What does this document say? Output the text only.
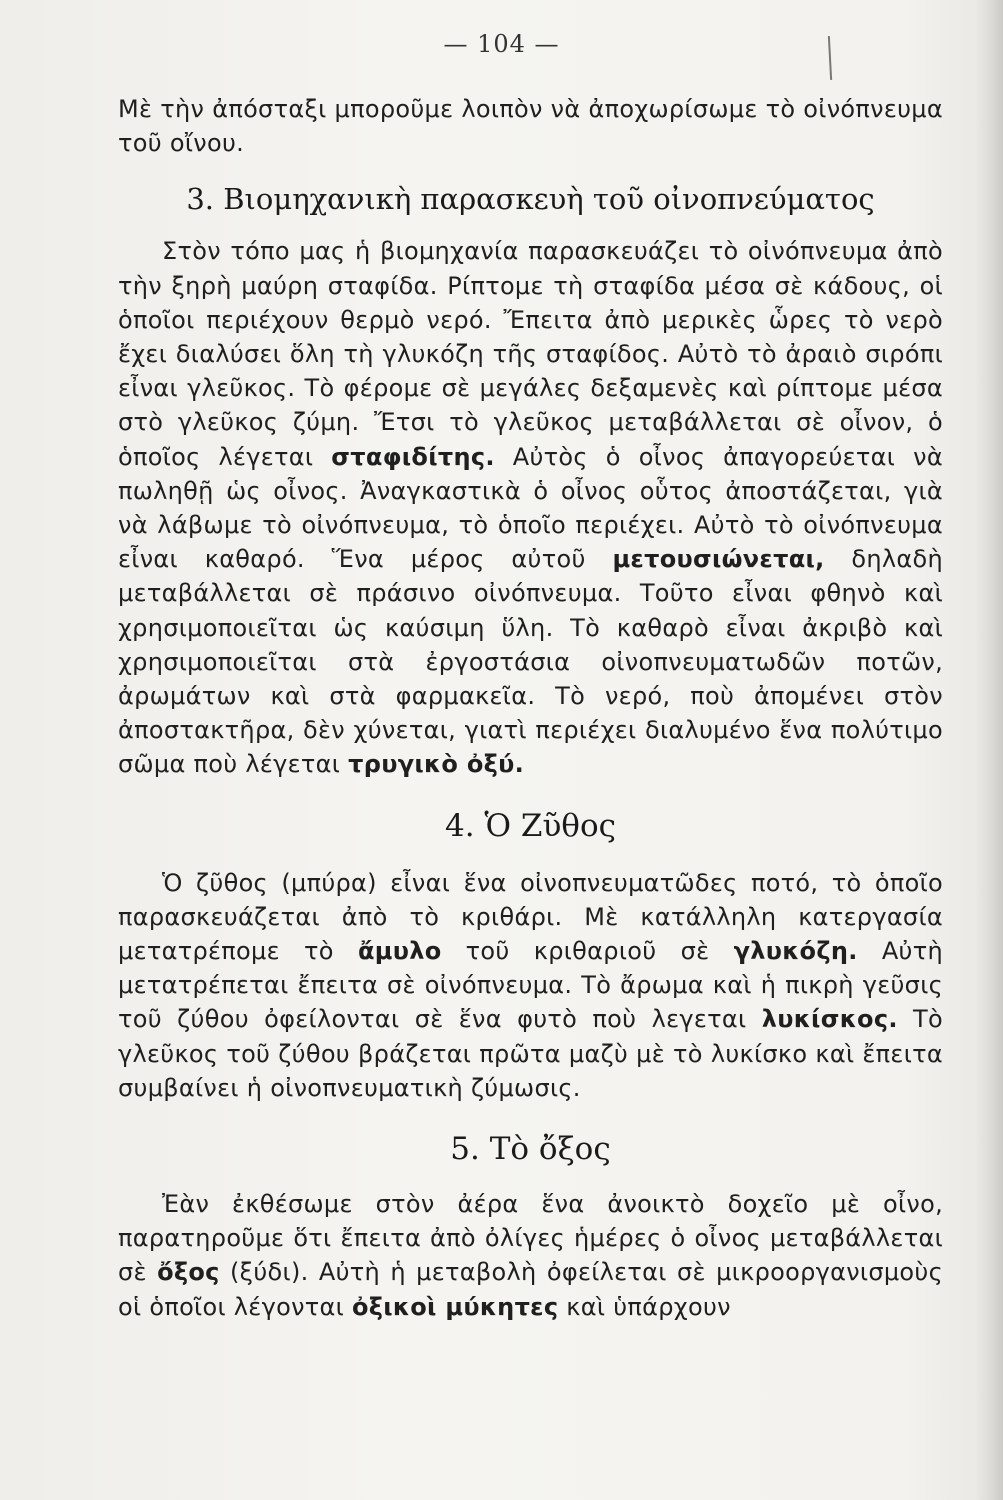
— 104 —

Μὲ τὴν ἀπόσταξι μποροῦμε λοιπὸν νὰ ἀποχωρίσωμε τὸ οἰνόπνευμα τοῦ οἴνου.

3. Βιομηχανικὴ παρασκευὴ τοῦ οἰνοπνεύματος

Στὸν τόπο μας ἡ βιομηχανία παρασκευάζει τὸ οἰνόπνευμα ἀπὸ τὴν ξηρὴ μαύρη σταφίδα. Ρίπτομε τὴ σταφίδα μέσα σὲ κάδους, οἱ ὁποῖοι περιέχουν θερμὸ νερό. Ἔπειτα ἀπὸ μερικὲς ὧρες τὸ νερὸ ἔχει διαλύσει ὅλη τὴ γλυκόζη τῆς σταφίδος. Αὐτὸ τὸ ἀραιὸ σιρόπι εἶναι γλεῦκος. Τὸ φέρομε σὲ μεγάλες δεξαμενὲς καὶ ρίπτομε μέσα στὸ γλεῦκος ζύμη. Ἔτσι τὸ γλεῦκος μεταβάλλεται σὲ οἶνον, ὁ ὁποῖος λέγεται σταφιδίτης. Αὐτὸς ὁ οἶνος ἀπαγορεύεται νὰ πωληθῇ ὡς οἶνος. Ἀναγκαστικὰ ὁ οἶνος οὗτος ἀποστάζεται, γιὰ νὰ λάβωμε τὸ οἰνόπνευμα, τὸ ὁποῖο περιέχει. Αὐτὸ τὸ οἰνόπνευμα εἶναι καθαρό. Ἕνα μέρος αὐτοῦ μετουσιώνεται, δηλαδὴ μεταβάλλεται σὲ πράσινο οἰνόπνευμα. Τοῦτο εἶναι φθηνὸ καὶ χρησιμοποιεῖται ὡς καύσιμη ὕλη. Τὸ καθαρὸ εἶναι ἀκριβὸ καὶ χρησιμοποιεῖται στὰ ἐργοστάσια οἰνοπνευματωδῶν ποτῶν, ἀρωμάτων καὶ στὰ φαρμακεῖα. Τὸ νερό, ποὺ ἀπομένει στὸν ἀποστακτῆρα, δὲν χύνεται, γιατὶ περιέχει διαλυμένο ἕνα πολύτιμο σῶμα ποὺ λέγεται τρυγικὸ ὀξύ.

4. Ὁ Ζῦθος

Ὁ ζῦθος (μπύρα) εἶναι ἕνα οἰνοπνευματῶδες ποτό, τὸ ὁποῖο παρασκευάζεται ἀπὸ τὸ κριθάρι. Μὲ κατάλληλη κατεργασία μετατρέπομε τὸ ἄμυλο τοῦ κριθαριοῦ σὲ γλυκόζη. Αὐτὴ μετατρέπεται ἔπειτα σὲ οἰνόπνευμα. Τὸ ἄρωμα καὶ ἡ πικρὴ γεῦσις τοῦ ζύθου ὀφείλονται σὲ ἕνα φυτὸ ποὺ λεγεται λυκίσκος. Τὸ γλεῦκος τοῦ ζύθου βράζεται πρῶτα μαζὺ μὲ τὸ λυκίσκο καὶ ἔπειτα συμβαίνει ἡ οἰνοπνευματικὴ ζύμωσις.

5. Τὸ ὄξος

Ἐὰν ἐκθέσωμε στὸν ἀέρα ἕνα ἀνοικτὸ δοχεῖο μὲ οἶνο, παρατηροῦμε ὅτι ἔπειτα ἀπὸ ὀλίγες ἡμέρες ὁ οἶνος μεταβάλλεται σὲ ὄξος (ξύδι). Αὐτὴ ἡ μεταβολὴ ὀφείλεται σὲ μικροοργανισμοὺς οἱ ὁποῖοι λέγονται ὀξικοὶ μύκητες καὶ ὑπάρχουν
